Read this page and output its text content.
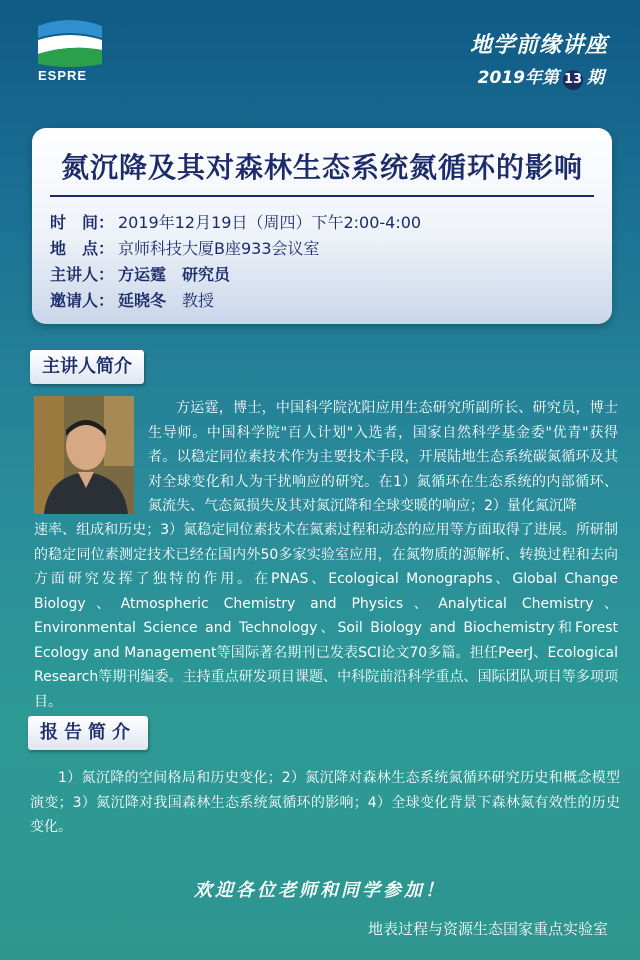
ESPRE
地学前缘讲座
2019年第 13 期
氮沉降及其对森林生态系统氮循环的影响
时　间： 2019年12月19日（周四）下午2:00-4:00
地　点： 京师科技大厦B座933会议室
主讲人： 方运霆　研究员
邀请人： 延晓冬　 教授
主讲人简介
方运霆，博士，中国科学院沈阳应用生态研究所副所长、研究员，博士生导师。中国科学院"百人计划"入选者，国家自然科学基金委"优青"获得者。以稳定同位素技术作为主要技术手段，开展陆地生态系统碳氮循环及其对全球变化和人为干扰响应的研究。在1）氮循环在生态系统的内部循环、氮流失、气态氮损失及其对氮沉降和全球变暖的响应；2）量化氮沉降
速率、组成和历史；3）氮稳定同位素技术在氮素过程和动态的应用等方面取得了进展。所研制的稳定同位素测定技术已经在国内外50多家实验室应用，在氮物质的源解析、转换过程和去向方面研究发挥了独特的作用。在PNAS、Ecological Monographs、Global Change Biology、Atmospheric Chemistry and Physics、Analytical Chemistry、Environmental Science and Technology、Soil Biology and Biochemistry和Forest Ecology and Management等国际著名期刊已发表SCI论文70多篇。担任PeerJ、Ecological Research等期刊编委。主持重点研发项目课题、中科院前沿科学重点、国际团队项目等多项项目。
报告简介
1）氮沉降的空间格局和历史变化；2）氮沉降对森林生态系统氮循环研究历史和概念模型演变；3）氮沉降对我国森林生态系统氮循环的影响；4）全球变化背景下森林氮有效性的历史变化。
欢迎各位老师和同学参加！
地表过程与资源生态国家重点实验室
